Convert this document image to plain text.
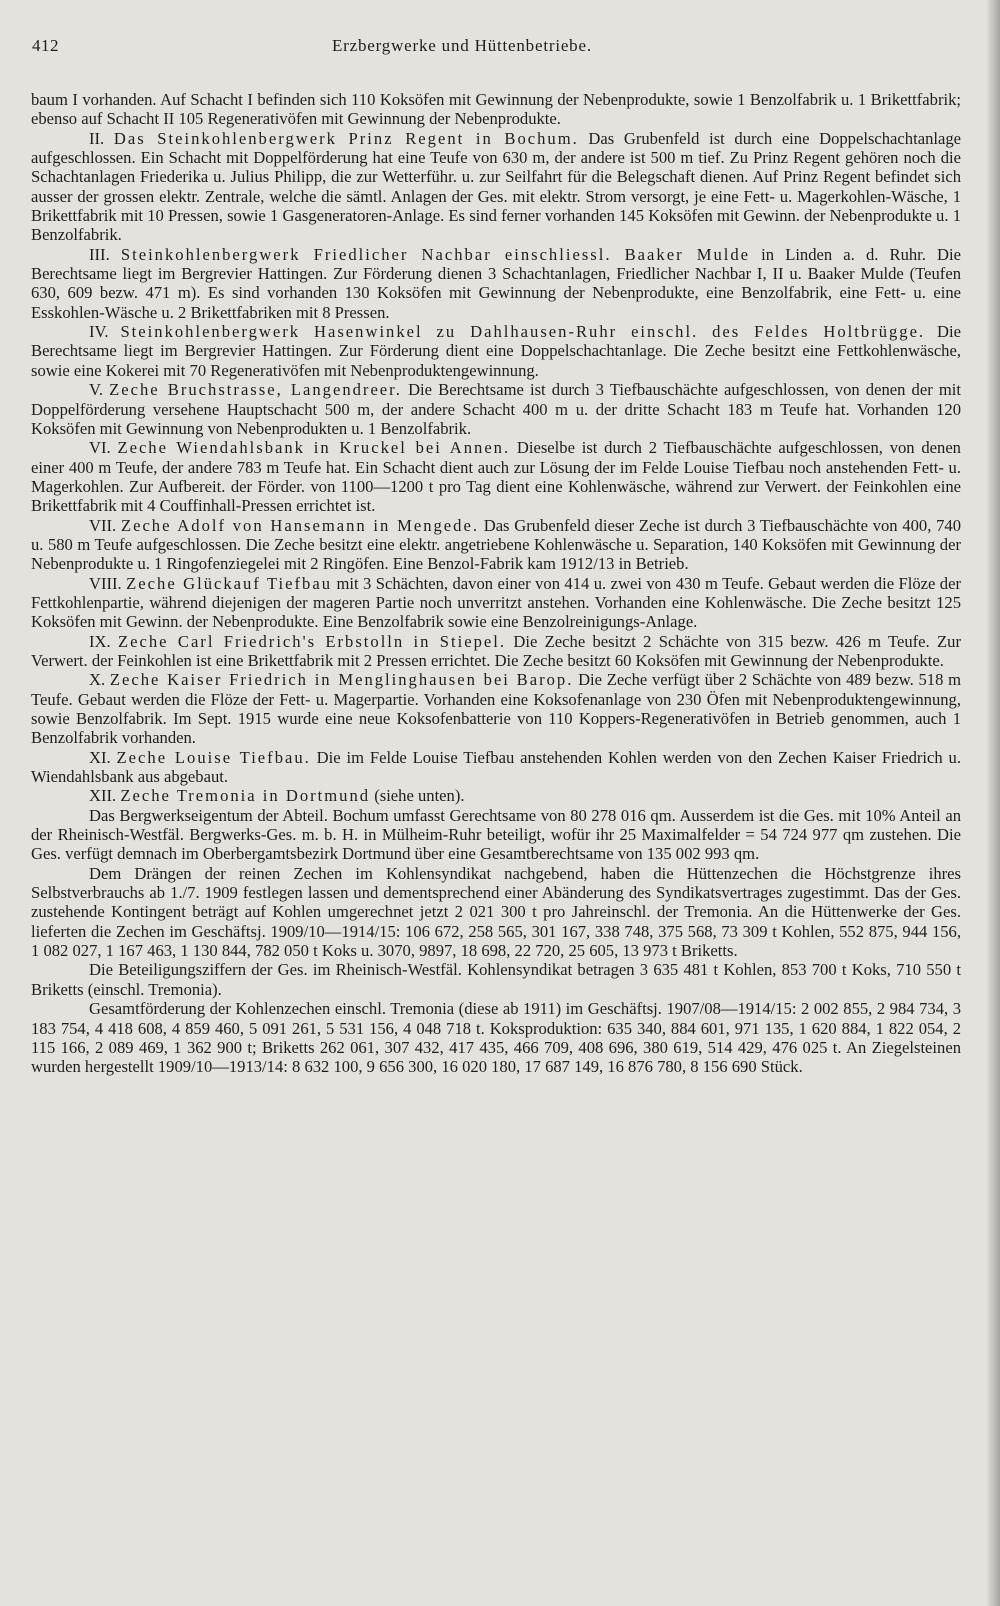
412	Erzbergwerke und Hüttenbetriebe.

baum I vorhanden. Auf Schacht I befinden sich 110 Koksöfen mit Gewinnung der Nebenprodukte, sowie 1 Benzolfabrik u. 1 Brikettfabrik; ebenso auf Schacht II 105 Regenerativöfen mit Gewinnung der Nebenprodukte.

II. Das Steinkohlenbergwerk Prinz Regent in Bochum. Das Grubenfeld ist durch eine Doppelschachtanlage aufgeschlossen. Ein Schacht mit Doppelförderung hat eine Teufe von 630 m, der andere ist 500 m tief. Zu Prinz Regent gehören noch die Schachtanlagen Friederika u. Julius Philipp, die zur Wetterführ. u. zur Seilfahrt für die Belegschaft dienen. Auf Prinz Regent befindet sich ausser der grossen elektr. Zentrale, welche die sämtl. Anlagen der Ges. mit elektr. Strom versorgt, je eine Fett- u. Magerkohlen-Wäsche, 1 Brikettfabrik mit 10 Pressen, sowie 1 Gasgeneratoren-Anlage. Es sind ferner vorhanden 145 Koksöfen mit Gewinn. der Nebenprodukte u. 1 Benzolfabrik.

III. Steinkohlenbergwerk Friedlicher Nachbar einschliessl. Baaker Mulde in Linden a. d. Ruhr. Die Berechtsame liegt im Bergrevier Hattingen. Zur Förderung dienen 3 Schachtanlagen, Friedlicher Nachbar I, II u. Baaker Mulde (Teufen 630, 609 bezw. 471 m). Es sind vorhanden 130 Koksöfen mit Gewinnung der Nebenprodukte, eine Benzolfabrik, eine Fett- u. eine Esskohlen-Wäsche u. 2 Brikettfabriken mit 8 Pressen.

IV. Steinkohlenbergwerk Hasenwinkel zu Dahlhausen-Ruhr einschl. des Feldes Holtbrügge. Die Berechtsame liegt im Bergrevier Hattingen. Zur Förderung dient eine Doppelschachtanlage. Die Zeche besitzt eine Fettkohlenwäsche, sowie eine Kokerei mit 70 Regenerativöfen mit Nebenproduktengewinnung.

V. Zeche Bruchstrasse, Langendreer. Die Berechtsame ist durch 3 Tiefbauschächte aufgeschlossen, von denen der mit Doppelförderung versehene Hauptschacht 500 m, der andere Schacht 400 m u. der dritte Schacht 183 m Teufe hat. Vorhanden 120 Koksöfen mit Gewinnung von Nebenprodukten u. 1 Benzolfabrik.

VI. Zeche Wiendahlsbank in Kruckel bei Annen. Dieselbe ist durch 2 Tiefbauschächte aufgeschlossen, von denen einer 400 m Teufe, der andere 783 m Teufe hat. Ein Schacht dient auch zur Lösung der im Felde Louise Tiefbau noch anstehenden Fett- u. Magerkohlen. Zur Aufbereit. der Förder. von 1100—1200 t pro Tag dient eine Kohlenwäsche, während zur Verwert. der Feinkohlen eine Brikettfabrik mit 4 Couffinhall-Pressen errichtet ist.

VII. Zeche Adolf von Hansemann in Mengede. Das Grubenfeld dieser Zeche ist durch 3 Tiefbauschächte von 400, 740 u. 580 m Teufe aufgeschlossen. Die Zeche besitzt eine elektr. angetriebene Kohlenwäsche u. Separation, 140 Koksöfen mit Gewinnung der Nebenprodukte u. 1 Ringofenziegelei mit 2 Ringöfen. Eine Benzol-Fabrik kam 1912/13 in Betrieb.

VIII. Zeche Glückauf Tiefbau mit 3 Schächten, davon einer von 414 u. zwei von 430 m Teufe. Gebaut werden die Flöze der Fettkohlenpartie, während diejenigen der mageren Partie noch unverritzt anstehen. Vorhanden eine Kohlenwäsche. Die Zeche besitzt 125 Koksöfen mit Gewinn. der Nebenprodukte. Eine Benzolfabrik sowie eine Benzolreinigungs-Anlage.

IX. Zeche Carl Friedrich's Erbstolln in Stiepel. Die Zeche besitzt 2 Schächte von 315 bezw. 426 m Teufe. Zur Verwert. der Feinkohlen ist eine Brikettfabrik mit 2 Pressen errichtet. Die Zeche besitzt 60 Koksöfen mit Gewinnung der Nebenprodukte.

X. Zeche Kaiser Friedrich in Menglinghausen bei Barop. Die Zeche verfügt über 2 Schächte von 489 bezw. 518 m Teufe. Gebaut werden die Flöze der Fett- u. Magerpartie. Vorhanden eine Koksofenanlage von 230 Öfen mit Nebenproduktengewinnung, sowie Benzolfabrik. Im Sept. 1915 wurde eine neue Koksofenbatterie von 110 Koppers-Regenerativöfen in Betrieb genommen, auch 1 Benzolfabrik vorhanden.

XI. Zeche Louise Tiefbau. Die im Felde Louise Tiefbau anstehenden Kohlen werden von den Zechen Kaiser Friedrich u. Wiendahlsbank aus abgebaut.

XII. Zeche Tremonia in Dortmund (siehe unten).

Das Bergwerkseigentum der Abteil. Bochum umfasst Gerechtsame von 80 278 016 qm. Ausserdem ist die Ges. mit 10% Anteil an der Rheinisch-Westfäl. Bergwerks-Ges. m. b. H. in Mülheim-Ruhr beteiligt, wofür ihr 25 Maximalfelder = 54 724 977 qm zustehen. Die Ges. verfügt demnach im Oberbergamtsbezirk Dortmund über eine Gesamtberechtsame von 135 002 993 qm.

Dem Drängen der reinen Zechen im Kohlensyndikat nachgebend, haben die Hüttenzechen die Höchstgrenze ihres Selbstverbrauchs ab 1./7. 1909 festlegen lassen und dementsprechend einer Abänderung des Syndikatsvertrages zugestimmt. Das der Ges. zustehende Kontingent beträgt auf Kohlen umgerechnet jetzt 2 021 300 t pro Jahreinschl. der Tremonia. An die Hüttenwerke der Ges. lieferten die Zechen im Geschäftsj. 1909/10—1914/15: 106 672, 258 565, 301 167, 338 748, 375 568, 73 309 t Kohlen, 552 875, 944 156, 1 082 027, 1 167 463, 1 130 844, 782 050 t Koks u. 3070, 9897, 18 698, 22 720, 25 605, 13 973 t Briketts.

Die Beteiligungsziffern der Ges. im Rheinisch-Westfäl. Kohlensyndikat betragen 3 635 481 t Kohlen, 853 700 t Koks, 710 550 t Briketts (einschl. Tremonia).

Gesamtförderung der Kohlenzechen einschl. Tremonia (diese ab 1911) im Geschäftsj. 1907/08—1914/15: 2 002 855, 2 984 734, 3 183 754, 4 418 608, 4 859 460, 5 091 261, 5 531 156, 4 048 718 t. Koksproduktion: 635 340, 884 601, 971 135, 1 620 884, 1 822 054, 2 115 166, 2 089 469, 1 362 900 t; Briketts 262 061, 307 432, 417 435, 466 709, 408 696, 380 619, 514 429, 476 025 t. An Ziegelsteinen wurden hergestellt 1909/10—1913/14: 8 632 100, 9 656 300, 16 020 180, 17 687 149, 16 876 780, 8 156 690 Stück.
